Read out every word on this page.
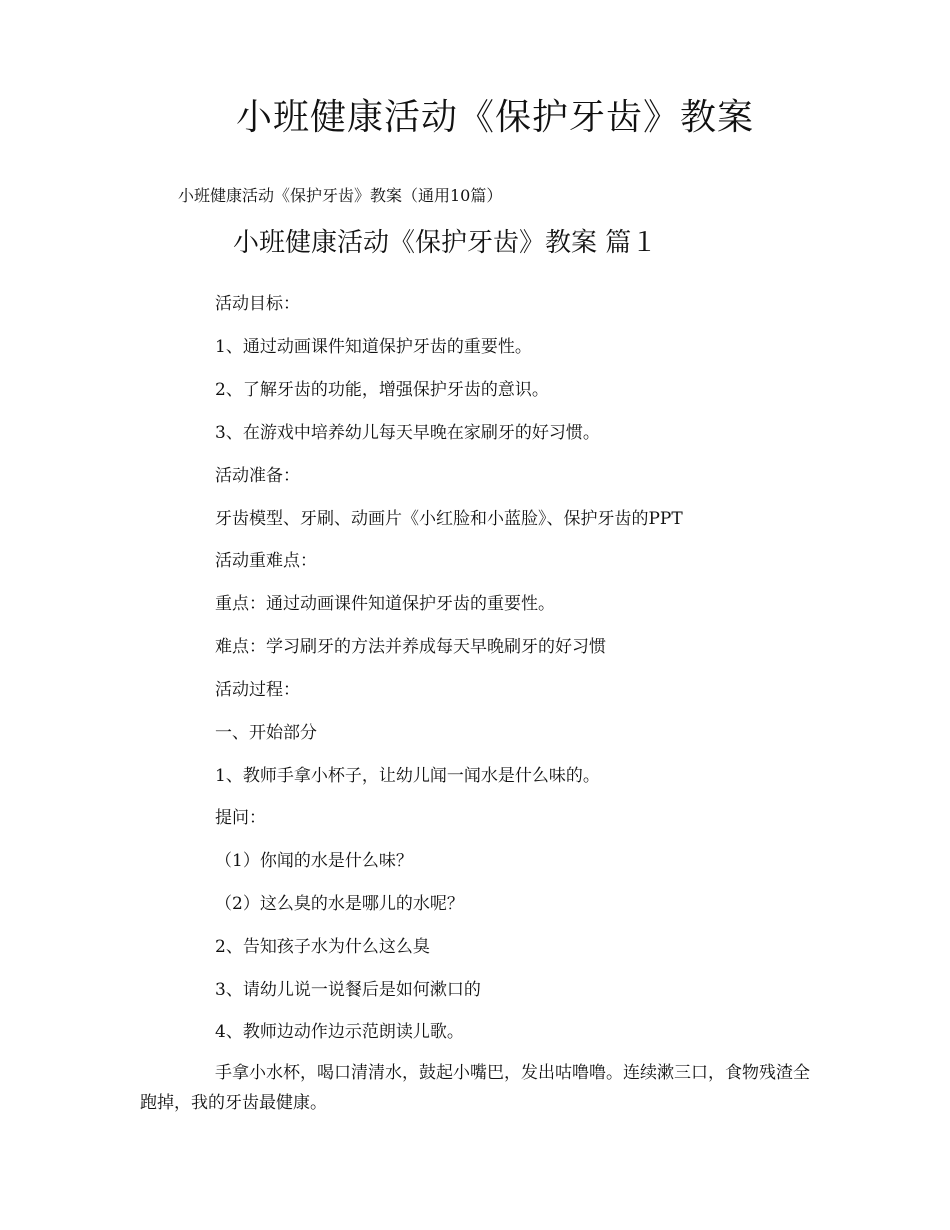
小班健康活动《保护牙齿》教案

小班健康活动《保护牙齿》教案（通用10篇）

小班健康活动《保护牙齿》教案 篇１

活动目标：

1、通过动画课件知道保护牙齿的重要性。

2、了解牙齿的功能，增强保护牙齿的意识。

3、在游戏中培养幼儿每天早晚在家刷牙的好习惯。

活动准备：

牙齿模型、牙刷、动画片《小红脸和小蓝脸》、保护牙齿的PPT

活动重难点：

重点：通过动画课件知道保护牙齿的重要性。

难点：学习刷牙的方法并养成每天早晚刷牙的好习惯

活动过程：

一、开始部分

1、教师手拿小杯子，让幼儿闻一闻水是什么味的。

提问：

（1）你闻的水是什么味？

（2）这么臭的水是哪儿的水呢？

2、告知孩子水为什么这么臭

3、请幼儿说一说餐后是如何漱口的

4、教师边动作边示范朗读儿歌。

手拿小水杯，喝口清清水，鼓起小嘴巴，发出咕噜噜。连续漱三口，食物残渣全跑掉，我的牙齿最健康。
